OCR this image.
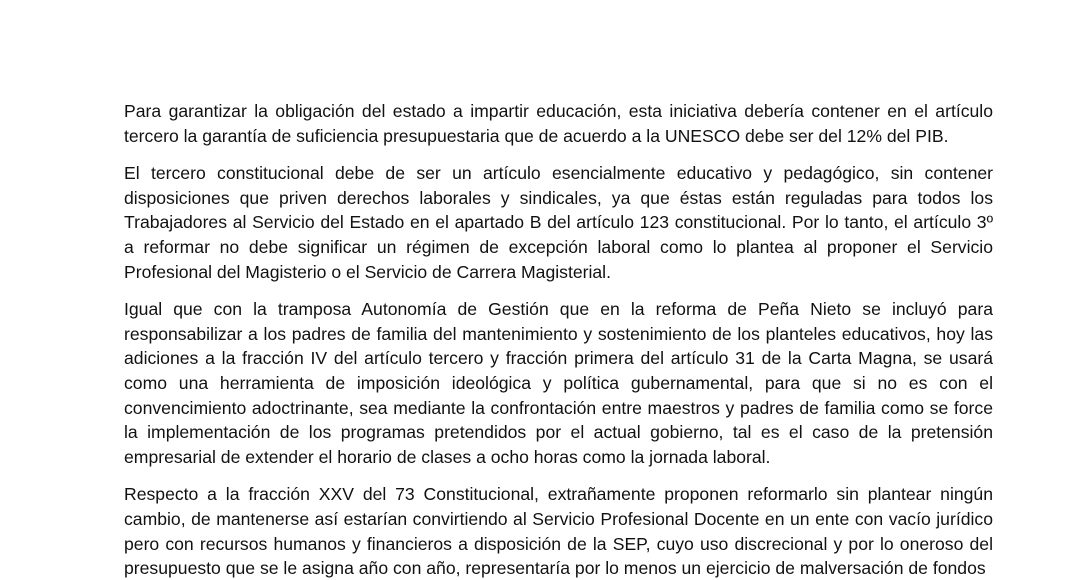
Para garantizar la obligación del estado a impartir educación, esta iniciativa debería contener en el artículo tercero la garantía de suficiencia presupuestaria que de acuerdo a la UNESCO debe ser del 12% del PIB.

El tercero constitucional debe de ser un artículo esencialmente educativo y pedagógico, sin contener disposiciones que priven derechos laborales y sindicales, ya que éstas están reguladas para todos los Trabajadores al Servicio del Estado en el apartado B del artículo 123 constitucional. Por lo tanto, el artículo 3º a reformar no debe significar un régimen de excepción laboral como lo plantea al proponer el Servicio Profesional del Magisterio o el Servicio de Carrera Magisterial.

Igual que con la tramposa Autonomía de Gestión que en la reforma de Peña Nieto se incluyó para responsabilizar a los padres de familia del mantenimiento y sostenimiento de los planteles educativos, hoy las adiciones a la fracción IV del artículo tercero y fracción primera del artículo 31 de la Carta Magna, se usará como una herramienta de imposición ideológica y política gubernamental, para que si no es con el convencimiento adoctrinante, sea mediante la confrontación entre maestros y padres de familia como se force la implementación de los programas pretendidos por el actual gobierno, tal es el caso de la pretensión empresarial de extender el horario de clases a ocho horas como la jornada laboral.

Respecto a la fracción XXV del 73 Constitucional, extrañamente proponen reformarlo sin plantear ningún cambio, de mantenerse así estarían convirtiendo al Servicio Profesional Docente en un ente con vacío jurídico pero con recursos humanos y financieros a disposición de la SEP, cuyo uso discrecional y por lo oneroso del presupuesto que se le asigna año con año, representaría por lo menos un ejercicio de malversación de fondos
